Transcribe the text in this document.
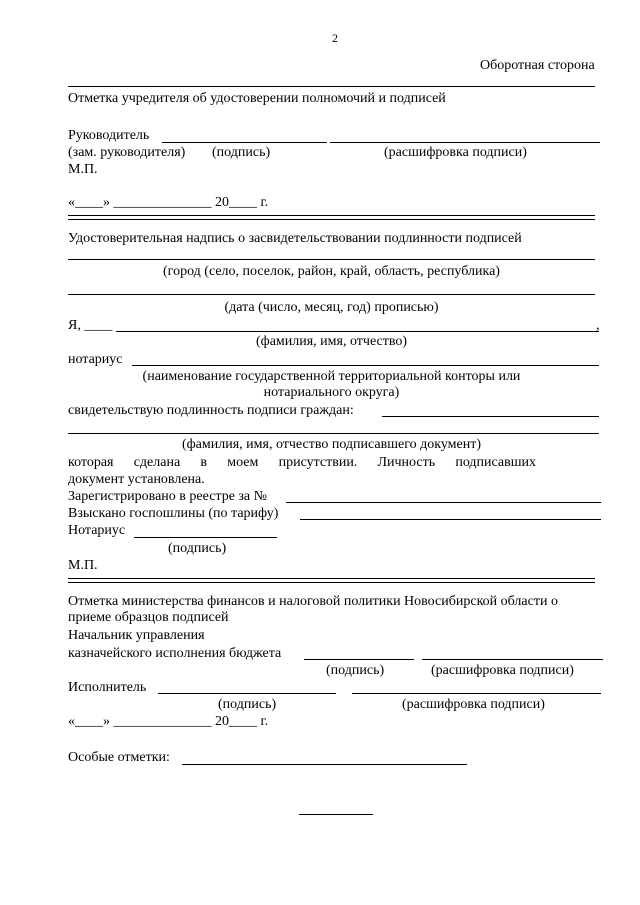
2
Оборотная сторона
Отметка учредителя об удостоверении полномочий и подписей
Руководитель
(зам. руководителя) (подпись)	(расшифровка подписи)
М.П.
«____» ______________ 20____ г.
Удостоверительная надпись о засвидетельствовании подлинности подписей
(город (село, поселок, район, край, область, республика)
(дата (число, месяц, год) прописью)
Я, ____	,
(фамилия, имя, отчество)
нотариус
(наименование государственной территориальной конторы или
нотариального округа)
свидетельствую подлинность подписи граждан:
(фамилия, имя, отчество подписавшего документ)
которая сделана в моем присутствии. Личность подписавших
документ установлена.
Зарегистрировано в реестре за №
Взыскано госпошлины (по тарифу)
Нотариус
(подпись)
М.П.
Отметка министерства финансов и налоговой политики Новосибирской области о
приеме образцов подписей
Начальник управления
казначейского исполнения бюджета
(подпись)	(расшифровка подписи)
Исполнитель
(подпись)	(расшифровка подписи)
«____» ______________ 20____ г.
Особые отметки:
